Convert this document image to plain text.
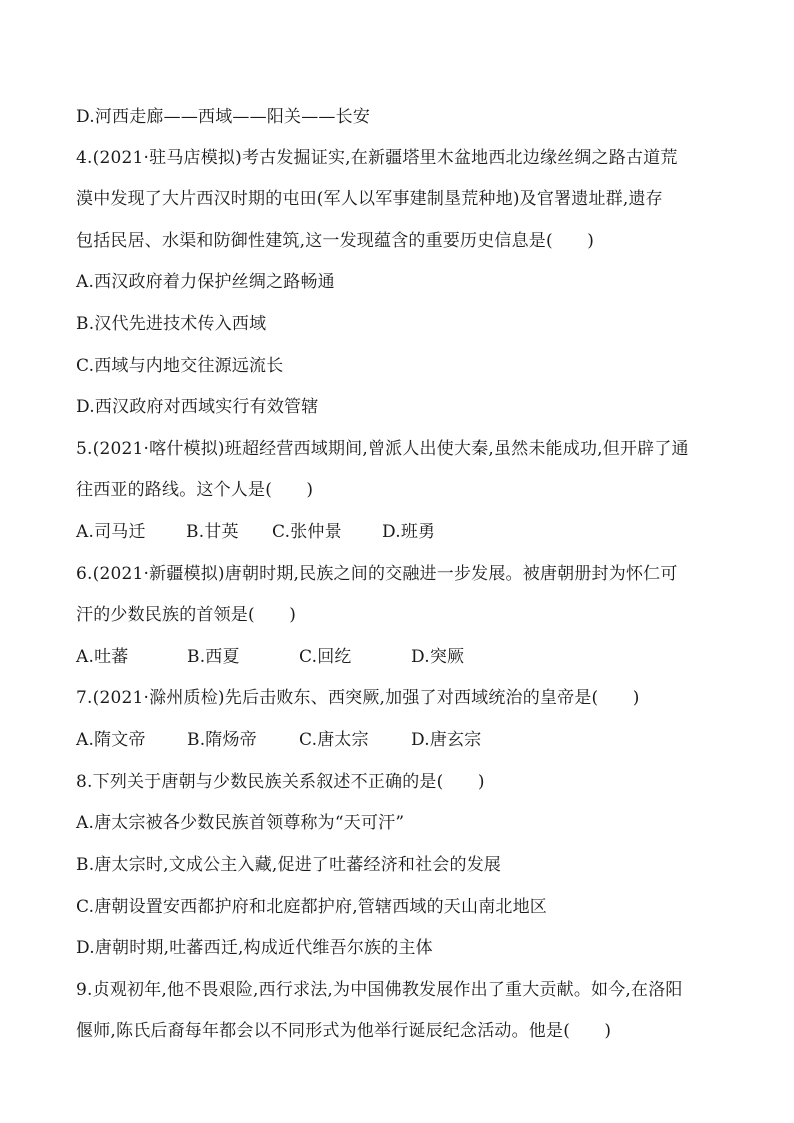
D.河西走廊——西域——阳关——长安
4.(2021·驻马店模拟)考古发掘证实,在新疆塔里木盆地西北边缘丝绸之路古道荒
漠中发现了大片西汉时期的屯田(军人以军事建制垦荒种地)及官署遗址群,遗存
包括民居、水渠和防御性建筑,这一发现蕴含的重要历史信息是(　　)
A.西汉政府着力保护丝绸之路畅通
B.汉代先进技术传入西域
C.西域与内地交往源远流长
D.西汉政府对西域实行有效管辖
5.(2021·喀什模拟)班超经营西域期间,曾派人出使大秦,虽然未能成功,但开辟了通
往西亚的路线。这个人是(　　)
A.司马迁 B.甘英 C.张仲景 D.班勇
6.(2021·新疆模拟)唐朝时期,民族之间的交融进一步发展。被唐朝册封为怀仁可
汗的少数民族的首领是(　　)
A.吐蕃	B.西夏	C.回纥	D.突厥
7.(2021·滁州质检)先后击败东、西突厥,加强了对西域统治的皇帝是(　　)
A.隋文帝 B.隋炀帝 C.唐太宗 D.唐玄宗
8.下列关于唐朝与少数民族关系叙述不正确的是(　　)
A.唐太宗被各少数民族首领尊称为“天可汗”
B.唐太宗时,文成公主入藏,促进了吐蕃经济和社会的发展
C.唐朝设置安西都护府和北庭都护府,管辖西域的天山南北地区
D.唐朝时期,吐蕃西迁,构成近代维吾尔族的主体
9.贞观初年,他不畏艰险,西行求法,为中国佛教发展作出了重大贡献。如今,在洛阳
偃师,陈氏后裔每年都会以不同形式为他举行诞辰纪念活动。他是(　　)
